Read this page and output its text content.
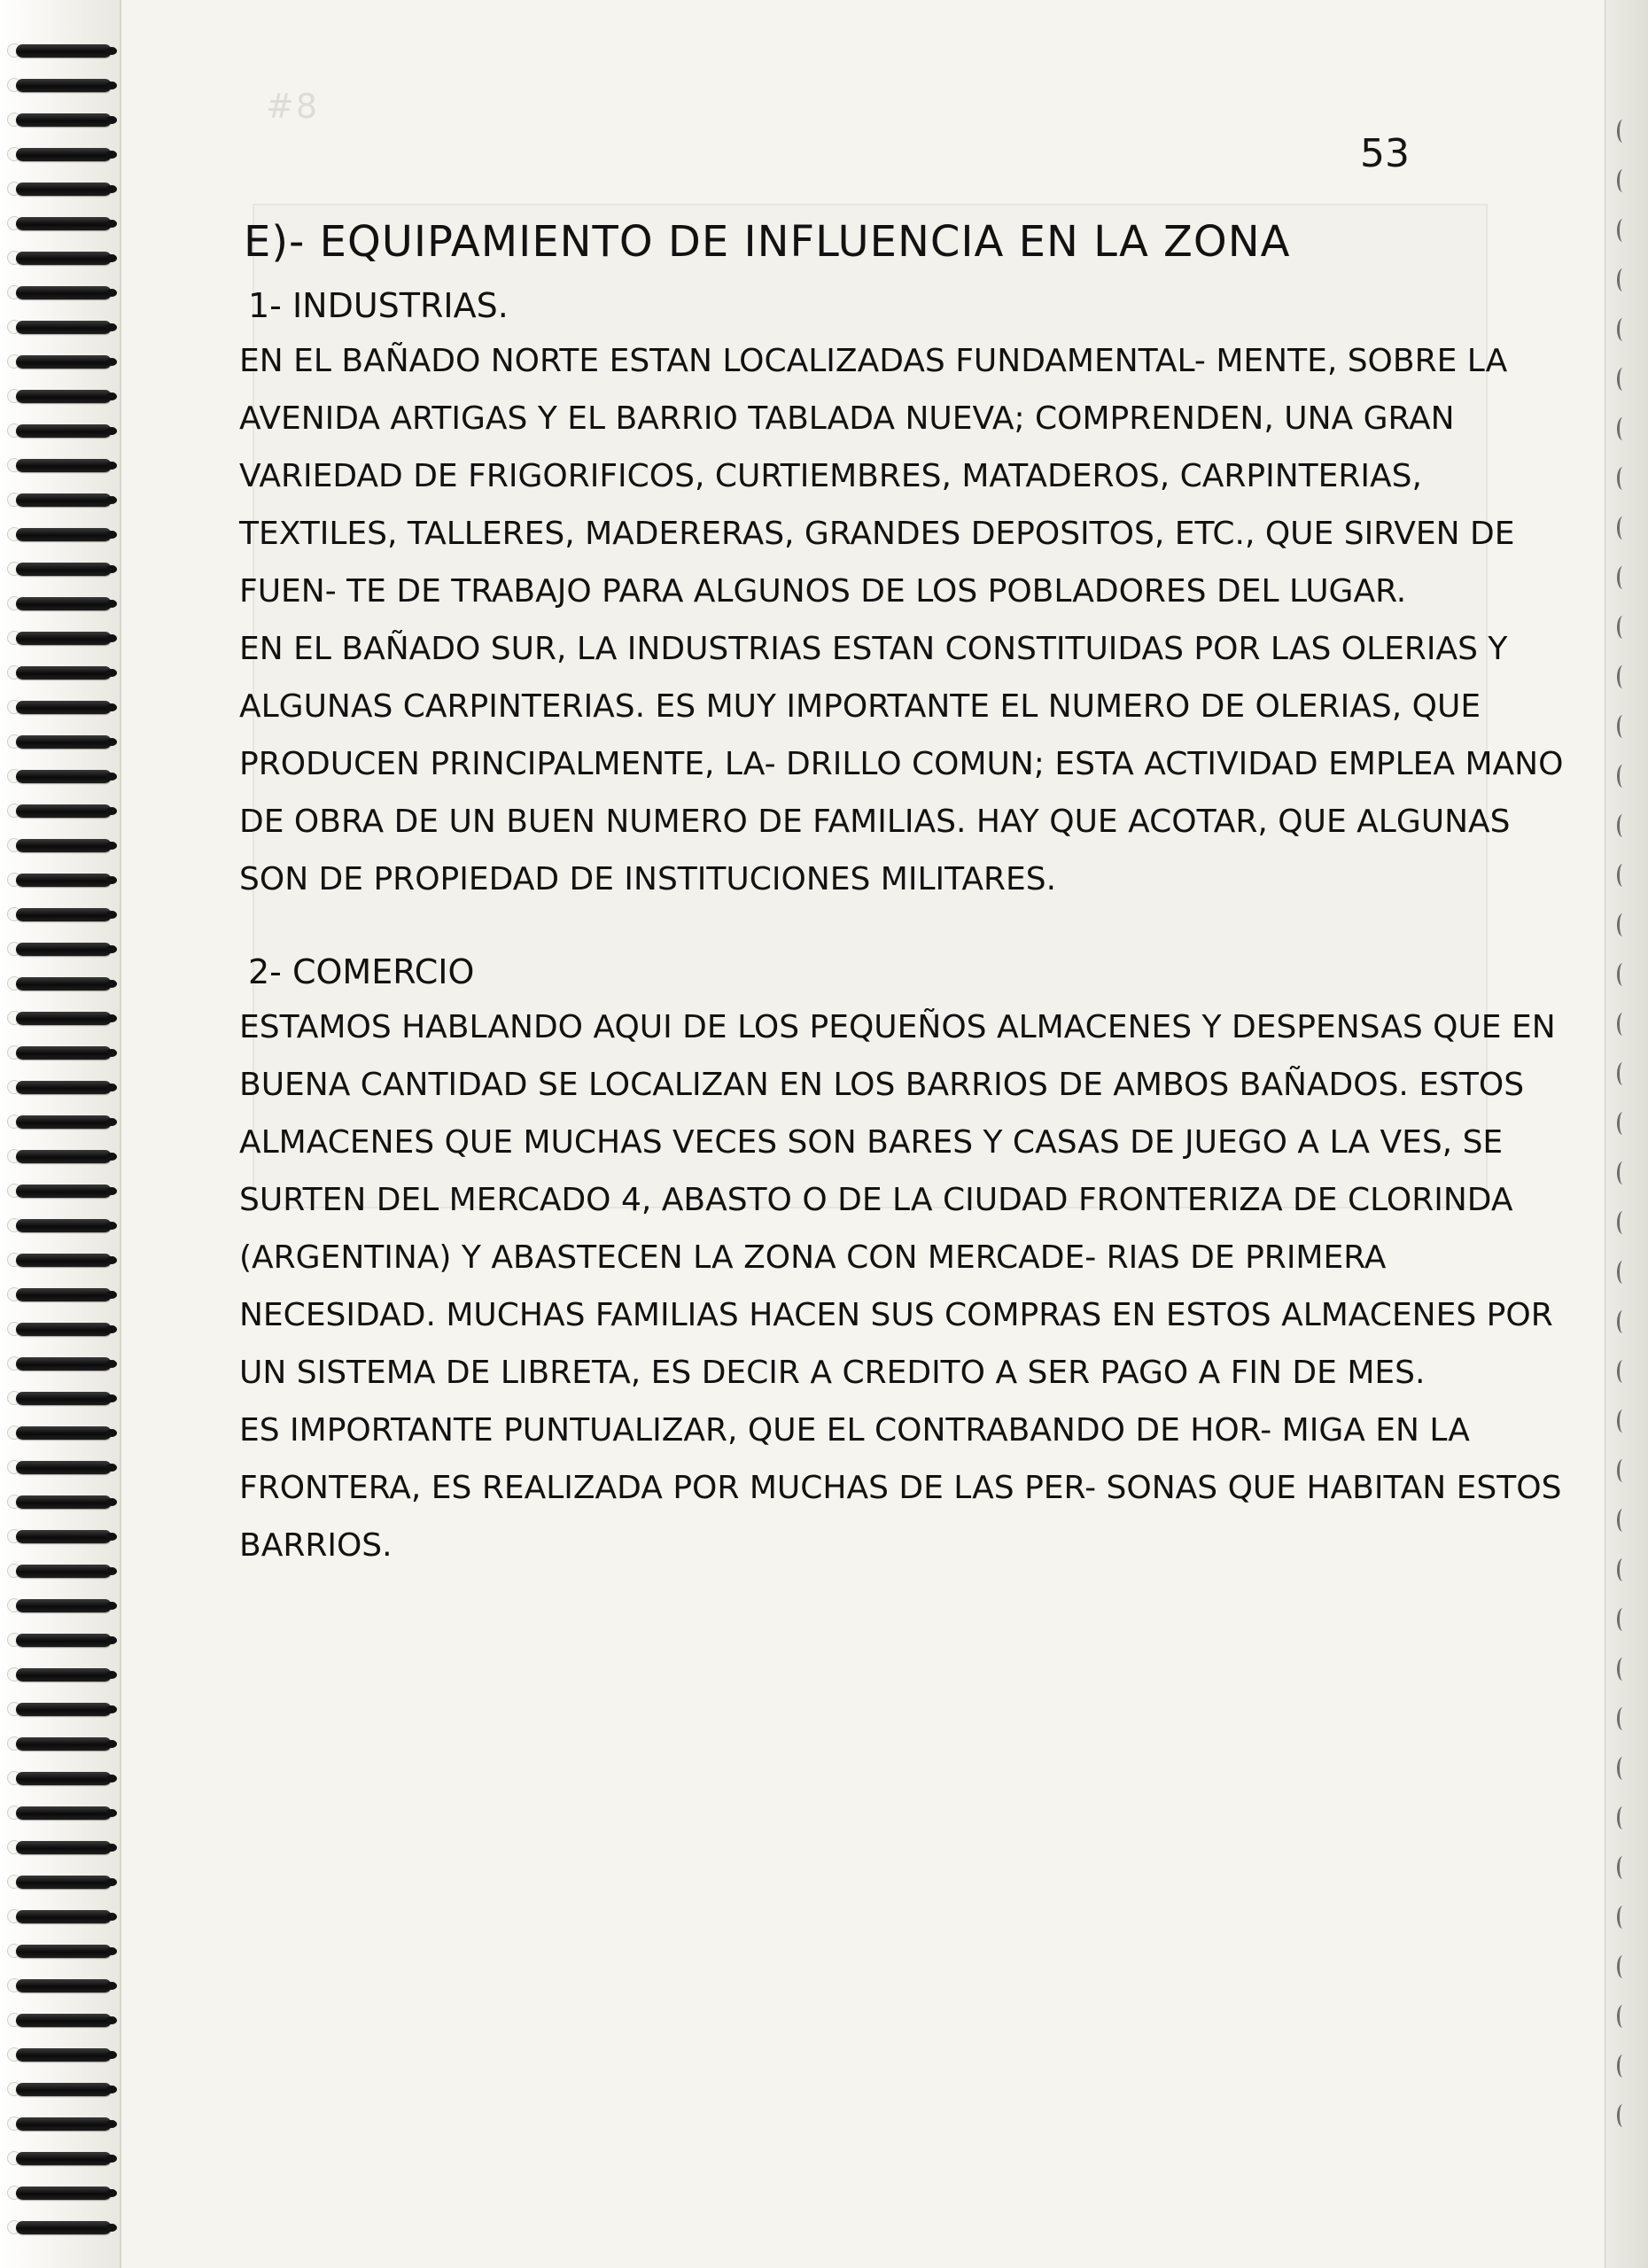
#8
53
E)- EQUIPAMIENTO DE INFLUENCIA EN LA ZONA
1- INDUSTRIAS.

EN EL BAÑADO NORTE ESTAN LOCALIZADAS FUNDAMENTAL- MENTE, SOBRE LA AVENIDA ARTIGAS Y EL BARRIO TABLADA NUEVA; COMPRENDEN, UNA GRAN VARIEDAD DE FRIGORIFICOS, CURTIEMBRES, MATADEROS, CARPINTERIAS, TEXTILES, TALLERES, MADERERAS, GRANDES DEPOSITOS, ETC., QUE SIRVEN DE FUEN- TE DE TRABAJO PARA ALGUNOS DE LOS POBLADORES DEL LUGAR.

EN EL BAÑADO SUR, LA INDUSTRIAS ESTAN CONSTITUIDAS POR LAS OLERIAS Y ALGUNAS CARPINTERIAS. ES MUY IMPORTANTE EL NUMERO DE OLERIAS, QUE PRODUCEN PRINCIPALMENTE, LA- DRILLO COMUN; ESTA ACTIVIDAD EMPLEA MANO DE OBRA DE UN BUEN NUMERO DE FAMILIAS. HAY QUE ACOTAR, QUE ALGUNAS SON DE PROPIEDAD DE INSTITUCIONES MILITARES.

2- COMERCIO

ESTAMOS HABLANDO AQUI DE LOS PEQUEÑOS ALMACENES Y DESPENSAS QUE EN BUENA CANTIDAD SE LOCALIZAN EN LOS BARRIOS DE AMBOS BAÑADOS. ESTOS ALMACENES QUE MUCHAS VECES SON BARES Y CASAS DE JUEGO A LA VES, SE SURTEN DEL MERCADO 4, ABASTO O DE LA CIUDAD FRONTERIZA DE CLORINDA (ARGENTINA) Y ABASTECEN LA ZONA CON MERCADE- RIAS DE PRIMERA NECESIDAD. MUCHAS FAMILIAS HACEN SUS COMPRAS EN ESTOS ALMACENES POR UN SISTEMA DE LIBRETA, ES DECIR A CREDITO A SER PAGO A FIN DE MES.

ES IMPORTANTE PUNTUALIZAR, QUE EL CONTRABANDO DE HOR- MIGA EN LA FRONTERA, ES REALIZADA POR MUCHAS DE LAS PER- SONAS QUE HABITAN ESTOS BARRIOS.
